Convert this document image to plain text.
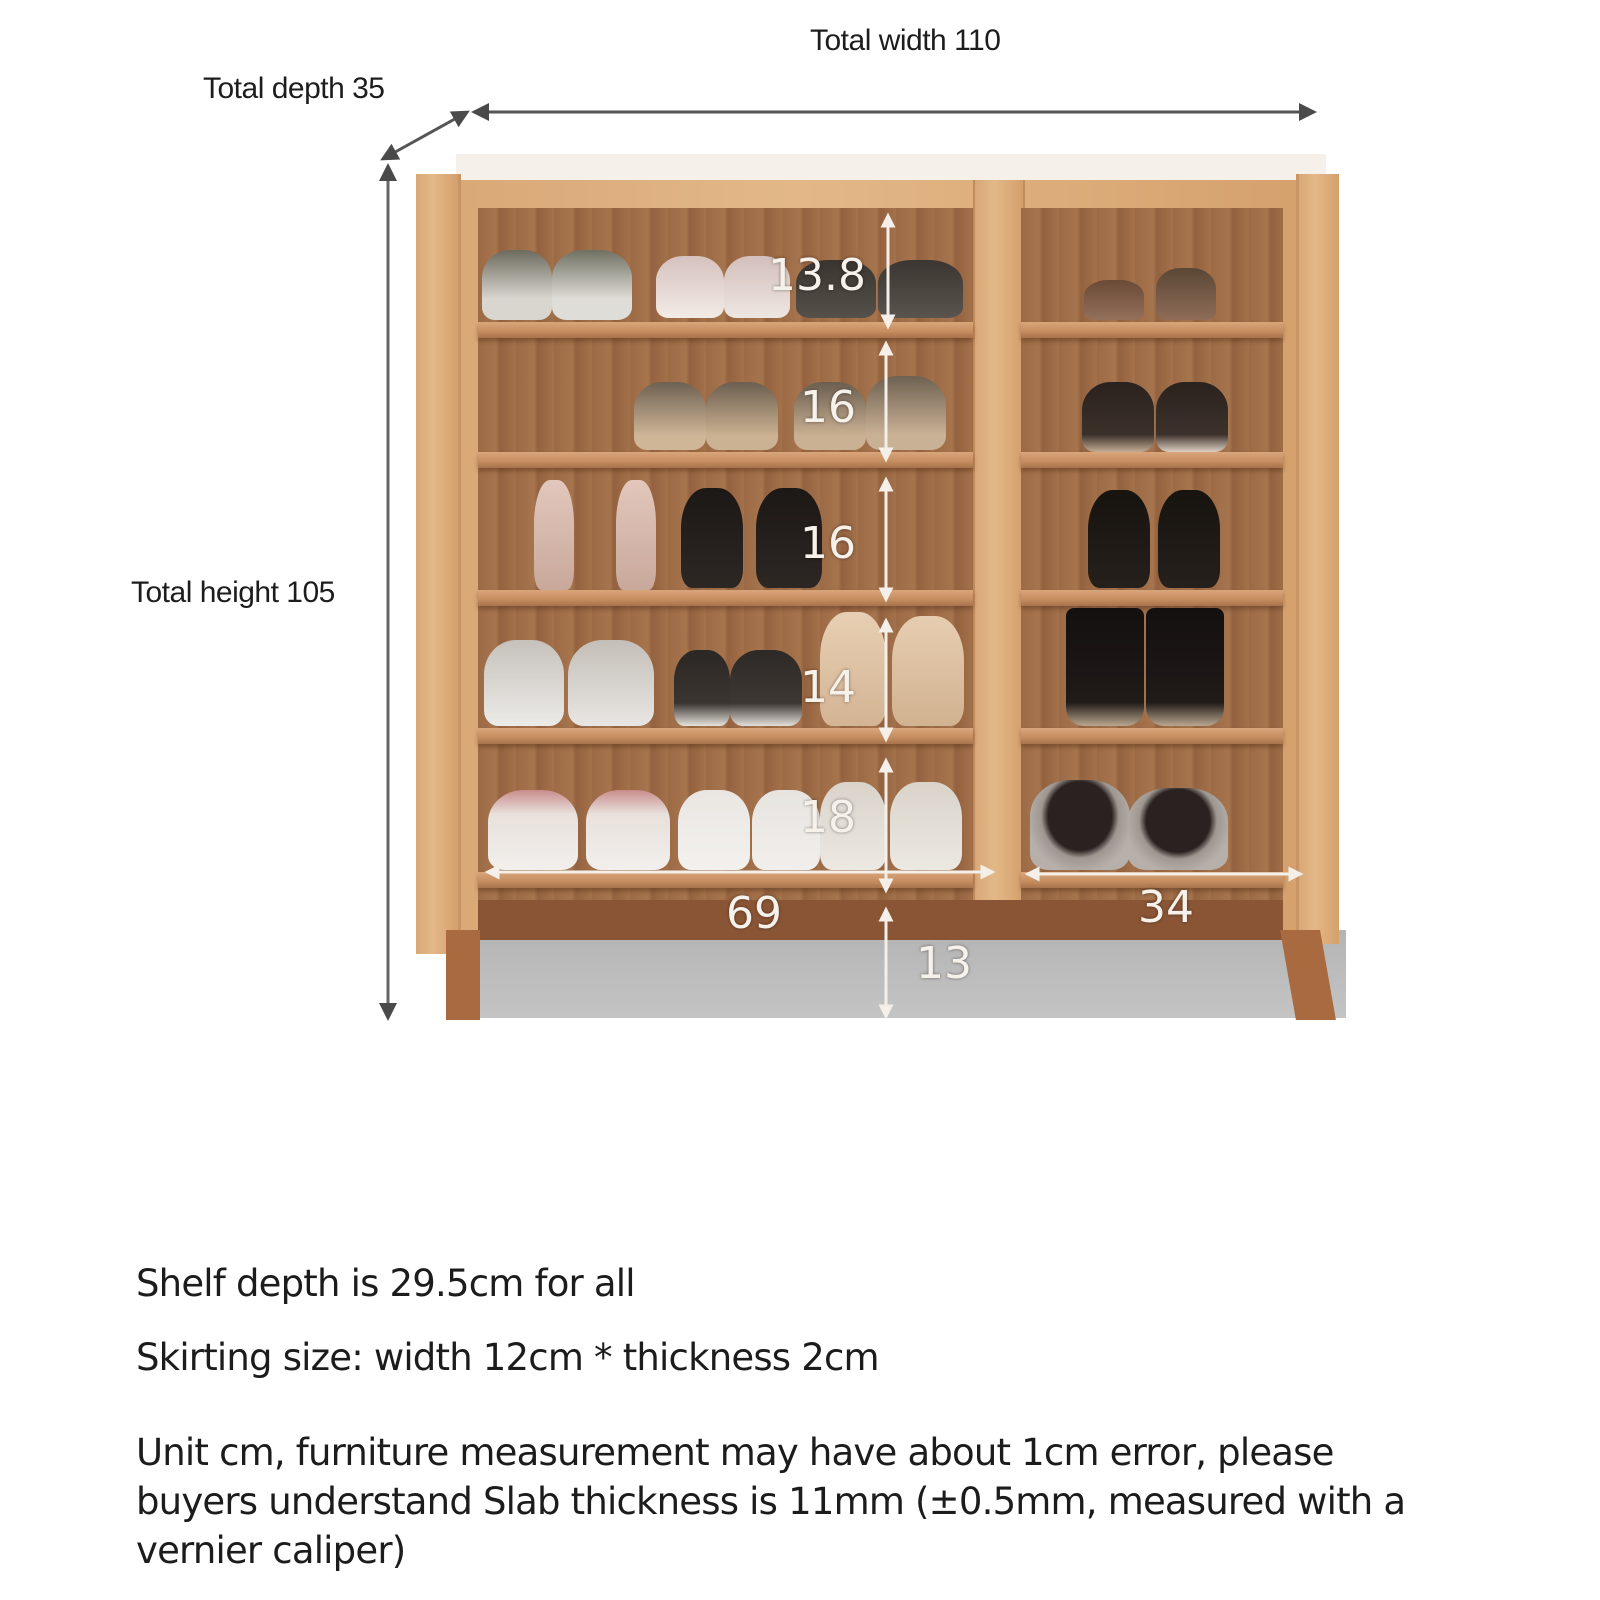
Total width 110
Total depth 35
Total height 105
13.8
16
16
14
18
69	34
13
Shelf depth is 29.5cm for all
Skirting size: width 12cm * thickness 2cm
Unit cm, furniture measurement may have about 1cm error, please buyers understand Slab thickness is 11mm (±0.5mm, measured with a vernier caliper)
